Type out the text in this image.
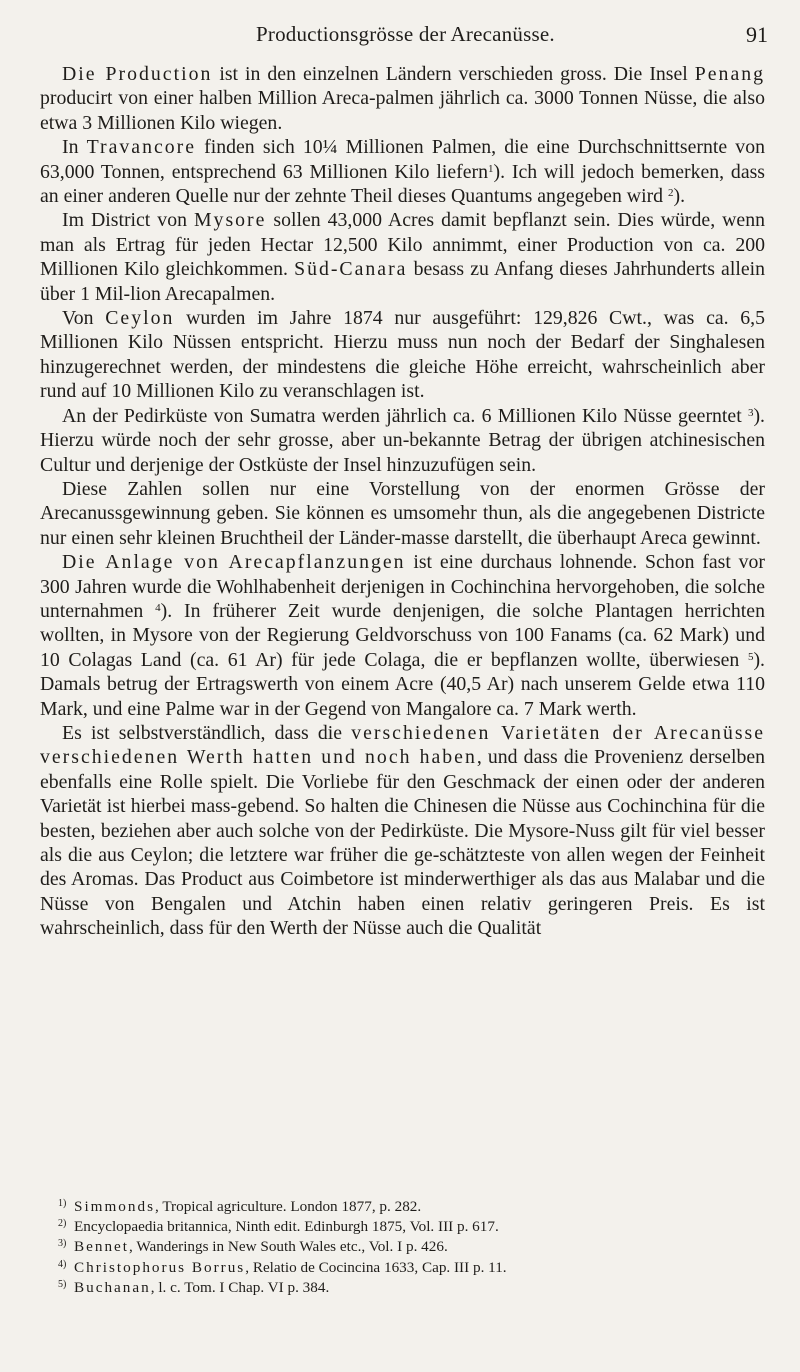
Productionsgrösse der Arecanüsse.	91

Die Production ist in den einzelnen Ländern verschieden gross. Die Insel Penang producirt von einer halben Million Areca-palmen jährlich ca. 3000 Tonnen Nüsse, die also etwa 3 Millionen Kilo wiegen.

In Travancore finden sich 10¼ Millionen Palmen, die eine Durchschnittsernte von 63,000 Tonnen, entsprechend 63 Millionen Kilo liefern$^1$). Ich will jedoch bemerken, dass an einer anderen Quelle nur der zehnte Theil dieses Quantums angegeben wird $^2$).

Im District von Mysore sollen 43,000 Acres damit bepflanzt sein. Dies würde, wenn man als Ertrag für jeden Hectar 12,500 Kilo annimmt, einer Production von ca. 200 Millionen Kilo gleichkommen. Süd-Canara besass zu Anfang dieses Jahrhunderts allein über 1 Mil-lion Arecapalmen.

Von Ceylon wurden im Jahre 1874 nur ausgeführt: 129,826 Cwt., was ca. 6,5 Millionen Kilo Nüssen entspricht. Hierzu muss nun noch der Bedarf der Singhalesen hinzugerechnet werden, der mindestens die gleiche Höhe erreicht, wahrscheinlich aber rund auf 10 Millionen Kilo zu veranschlagen ist.

An der Pedirküste von Sumatra werden jährlich ca. 6 Millionen Kilo Nüsse geerntet $^3$). Hierzu würde noch der sehr grosse, aber un-bekannte Betrag der übrigen atchinesischen Cultur und derjenige der Ostküste der Insel hinzuzufügen sein.

Diese Zahlen sollen nur eine Vorstellung von der enormen Grösse der Arecanussgewinnung geben. Sie können es umsomehr thun, als die angegebenen Districte nur einen sehr kleinen Bruchtheil der Länder-masse darstellt, die überhaupt Areca gewinnt.

Die Anlage von Arecapflanzungen ist eine durchaus lohnende. Schon fast vor 300 Jahren wurde die Wohlhabenheit derjenigen in Cochinchina hervorgehoben, die solche unternahmen $^4$). In früherer Zeit wurde denjenigen, die solche Plantagen herrichten wollten, in Mysore von der Regierung Geldvorschuss von 100 Fanams (ca. 62 Mark) und 10 Colagas Land (ca. 61 Ar) für jede Colaga, die er bepflanzen wollte, überwiesen $^5$). Damals betrug der Ertragswerth von einem Acre (40,5 Ar) nach unserem Gelde etwa 110 Mark, und eine Palme war in der Gegend von Mangalore ca. 7 Mark werth.

Es ist selbstverständlich, dass die verschiedenen Varietäten der Arecanüsse verschiedenen Werth hatten und noch haben, und dass die Provenienz derselben ebenfalls eine Rolle spielt. Die Vorliebe für den Geschmack der einen oder der anderen Varietät ist hierbei mass-gebend. So halten die Chinesen die Nüsse aus Cochinchina für die besten, beziehen aber auch solche von der Pedirküste. Die Mysore-Nuss gilt für viel besser als die aus Ceylon; die letztere war früher die ge-schätzteste von allen wegen der Feinheit des Aromas. Das Product aus Coimbetore ist minderwerthiger als das aus Malabar und die Nüsse von Bengalen und Atchin haben einen relativ geringeren Preis. Es ist wahrscheinlich, dass für den Werth der Nüsse auch die Qualität

1) Simmonds, Tropical agriculture. London 1877, p. 282.
2) Encyclopaedia britannica, Ninth edit. Edinburgh 1875, Vol. III p. 617.
3) Bennet, Wanderings in New South Wales etc., Vol. I p. 426.
4) Christophorus Borrus, Relatio de Cocincina 1633, Cap. III p. 11.
5) Buchanan, l. c. Tom. I Chap. VI p. 384.
